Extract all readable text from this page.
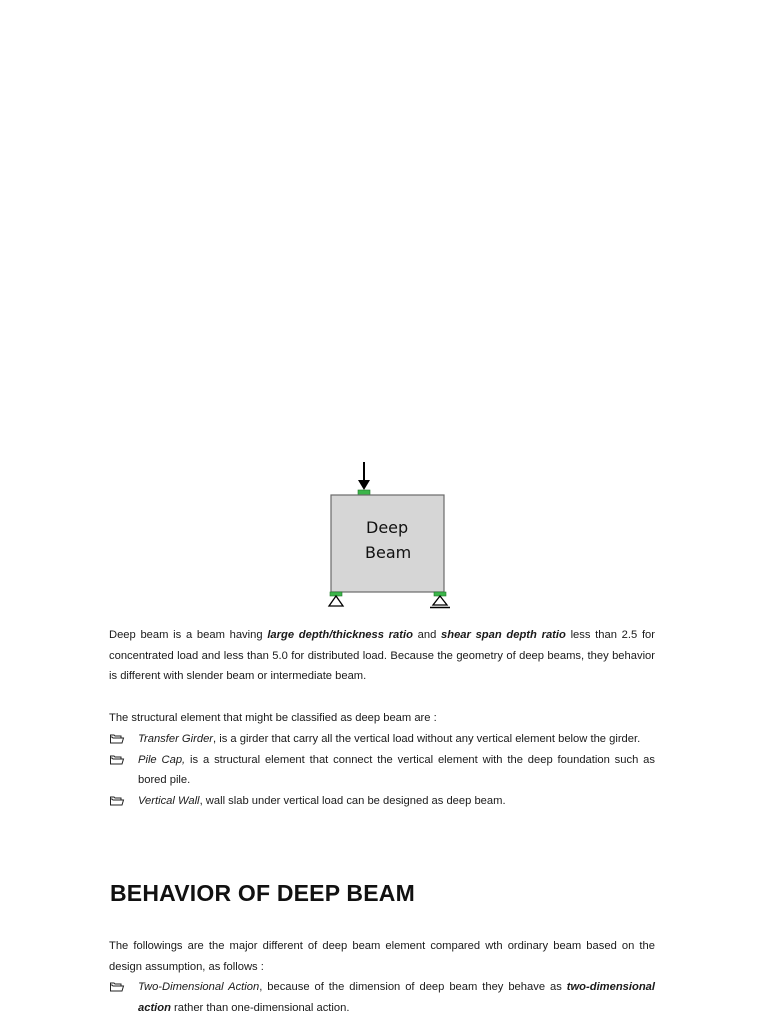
Deep
Beam

Deep beam is a beam having large depth/thickness ratio and shear span depth ratio less than 2.5 for concentrated load and less than 5.0 for distributed load. Because the geometry of deep beams, they behavior is different with slender beam or intermediate beam.

The structural element that might be classified as deep beam are :

Transfer Girder, is a girder that carry all the vertical load without any vertical element below the girder.
Pile Cap, is a structural element that connect the vertical element with the deep foundation such as bored pile.
Vertical Wall, wall slab under vertical load can be designed as deep beam.
BEHAVIOR OF DEEP BEAM

The followings are the major different of deep beam element compared wth ordinary beam based on the design assumption, as follows :

Two-Dimensional Action, because of the dimension of deep beam they behave as two-dimensional action rather than one-dimensional action.
